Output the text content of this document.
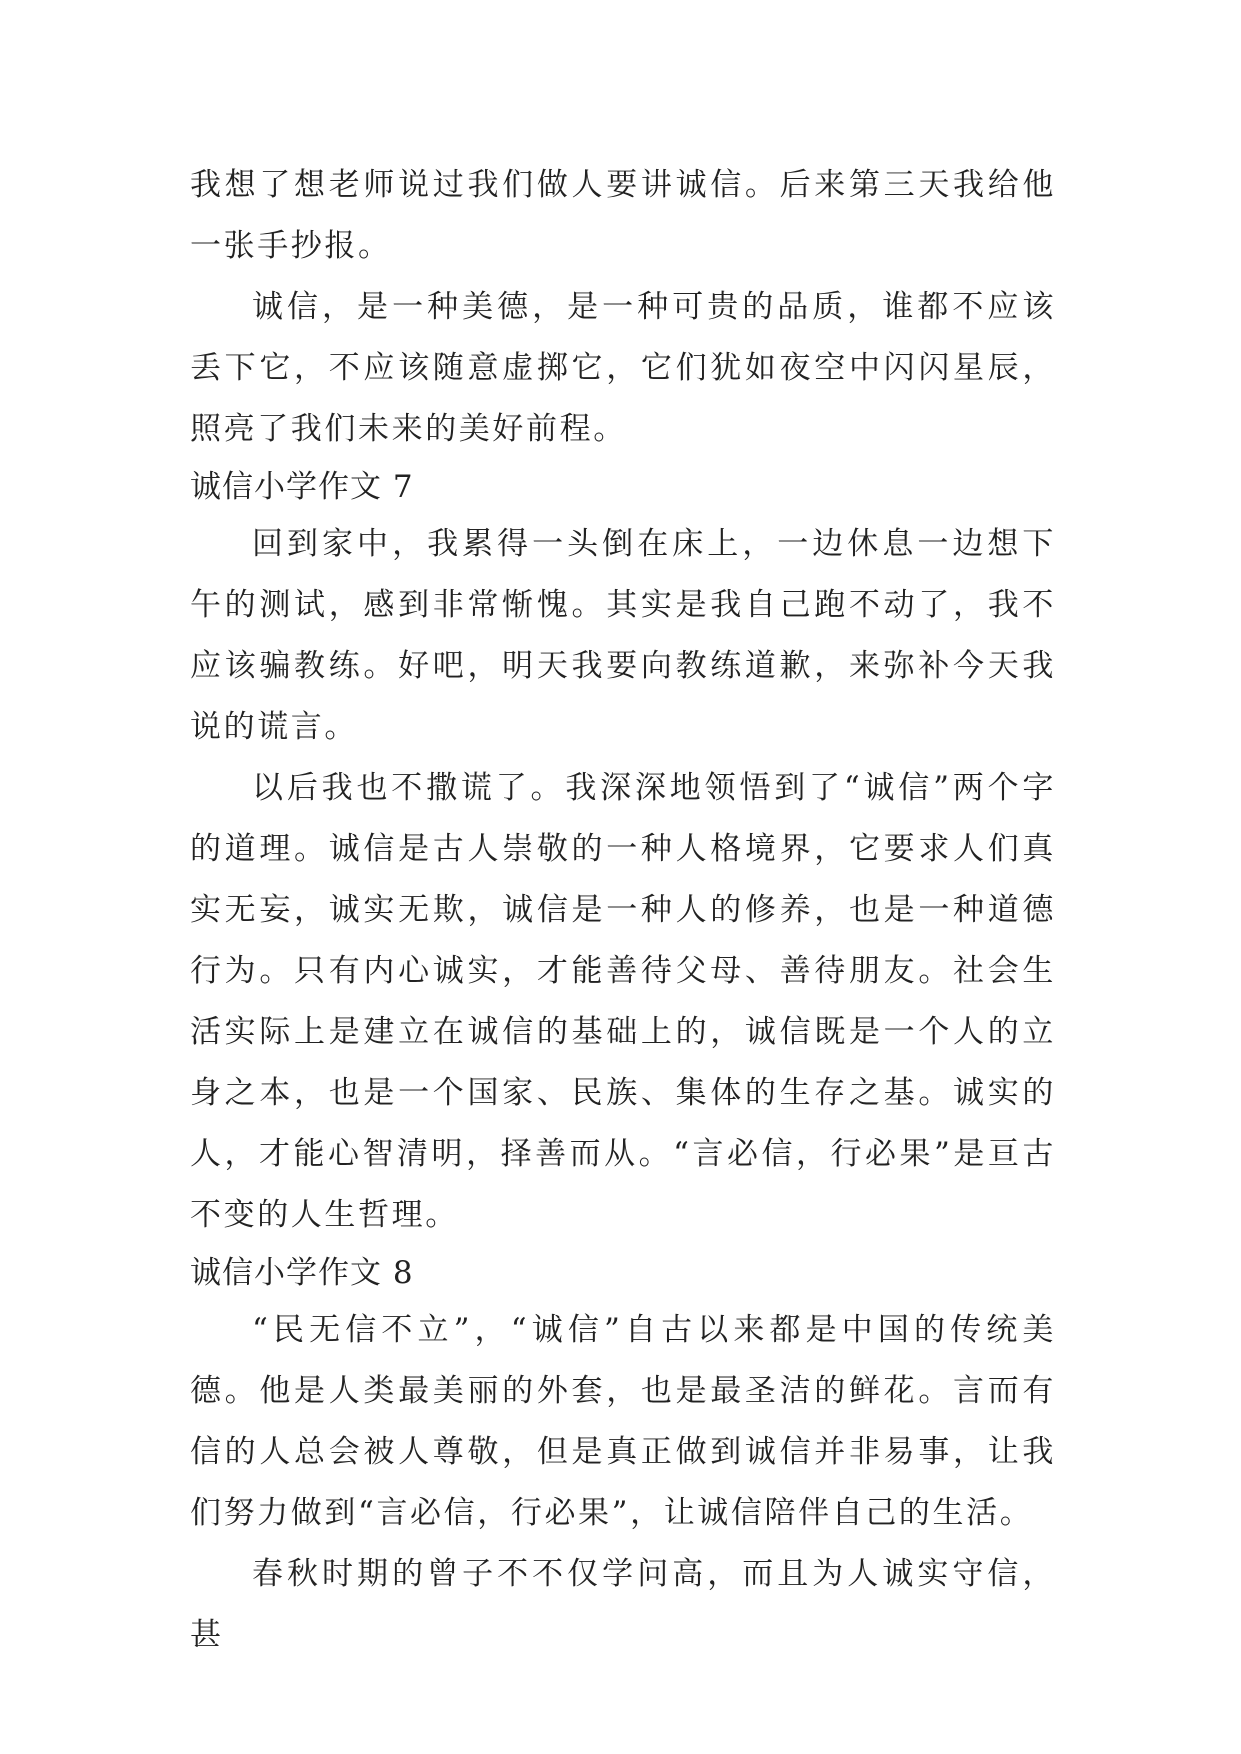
我想了想老师说过我们做人要讲诚信。后来第三天我给他一张手抄报。

诚信，是一种美德，是一种可贵的品质，谁都不应该丢下它，不应该随意虚掷它，它们犹如夜空中闪闪星辰，照亮了我们未来的美好前程。

诚信小学作文 7

回到家中，我累得一头倒在床上，一边休息一边想下午的测试，感到非常惭愧。其实是我自己跑不动了，我不应该骗教练。好吧，明天我要向教练道歉，来弥补今天我说的谎言。

以后我也不撒谎了。我深深地领悟到了“诚信”两个字的道理。诚信是古人崇敬的一种人格境界，它要求人们真实无妄，诚实无欺，诚信是一种人的修养，也是一种道德行为。只有内心诚实，才能善待父母、善待朋友。社会生活实际上是建立在诚信的基础上的，诚信既是一个人的立身之本，也是一个国家、民族、集体的生存之基。诚实的人，才能心智清明，择善而从。“言必信，行必果”是亘古不变的人生哲理。

诚信小学作文 8

“民无信不立”，“诚信”自古以来都是中国的传统美德。他是人类最美丽的外套，也是最圣洁的鲜花。言而有信的人总会被人尊敬，但是真正做到诚信并非易事，让我们努力做到“言必信，行必果”，让诚信陪伴自己的生活。

春秋时期的曾子不不仅学问高，而且为人诚实守信，甚
